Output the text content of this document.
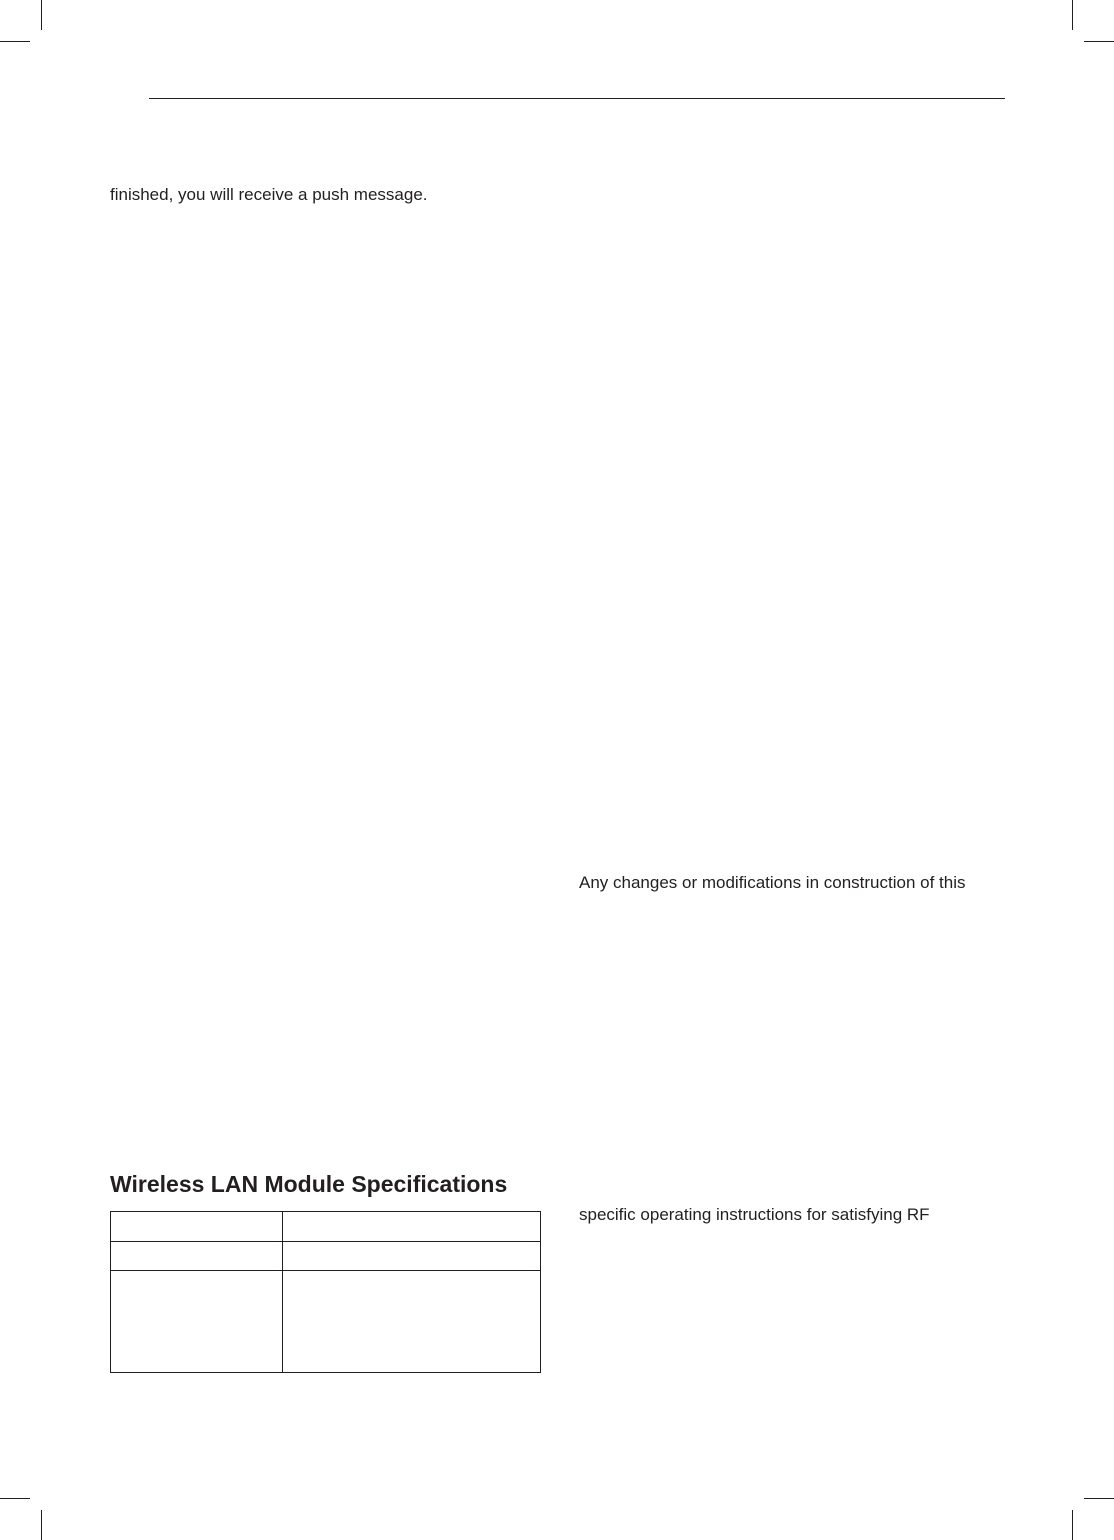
finished, you will receive a push message.
Any changes or modifications in construction of this
specific operating instructions for satisfying RF
Wireless LAN Module Specifications
